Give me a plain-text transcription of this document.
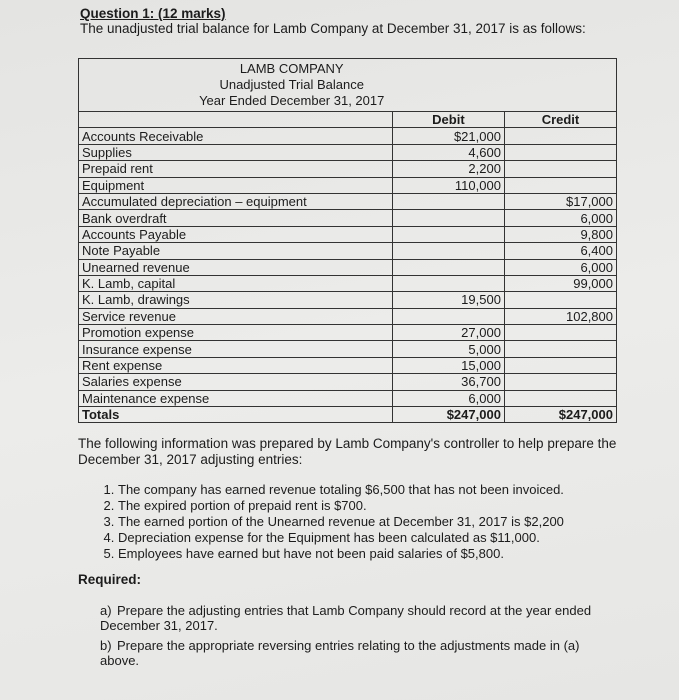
Question 1: (12 marks)
The unadjusted trial balance for Lamb Company at December 31, 2017 is as follows:
LAMB COMPANY
Unadjusted Trial Balance
Year Ended December 31, 2017		

	Debit	Credit
Accounts Receivable	$21,000	
Supplies	4,600	
Prepaid rent	2,200	
Equipment	110,000	
Accumulated depreciation – equipment		$17,000
Bank overdraft		6,000
Accounts Payable		9,800
Note Payable		6,400
Unearned revenue		6,000
K. Lamb, capital		99,000
K. Lamb, drawings	19,500	
Service revenue		102,800
Promotion expense	27,000	
Insurance expense	5,000	
Rent expense	15,000	
Salaries expense	36,700	
Maintenance expense	6,000	
Totals	$247,000	$247,000
The following information was prepared by Lamb Company's controller to help prepare the December 31, 2017 adjusting entries:
1. The company has earned revenue totaling $6,500 that has not been invoiced.
2. The expired portion of prepaid rent is $700.
3. The earned portion of the Unearned revenue at December 31, 2017 is $2,200
4. Depreciation expense for the Equipment has been calculated as $11,000.
5. Employees have earned but have not been paid salaries of $5,800.
Required:
a) Prepare the adjusting entries that Lamb Company should record at the year ended December 31, 2017.
b) Prepare the appropriate reversing entries relating to the adjustments made in (a) above.
